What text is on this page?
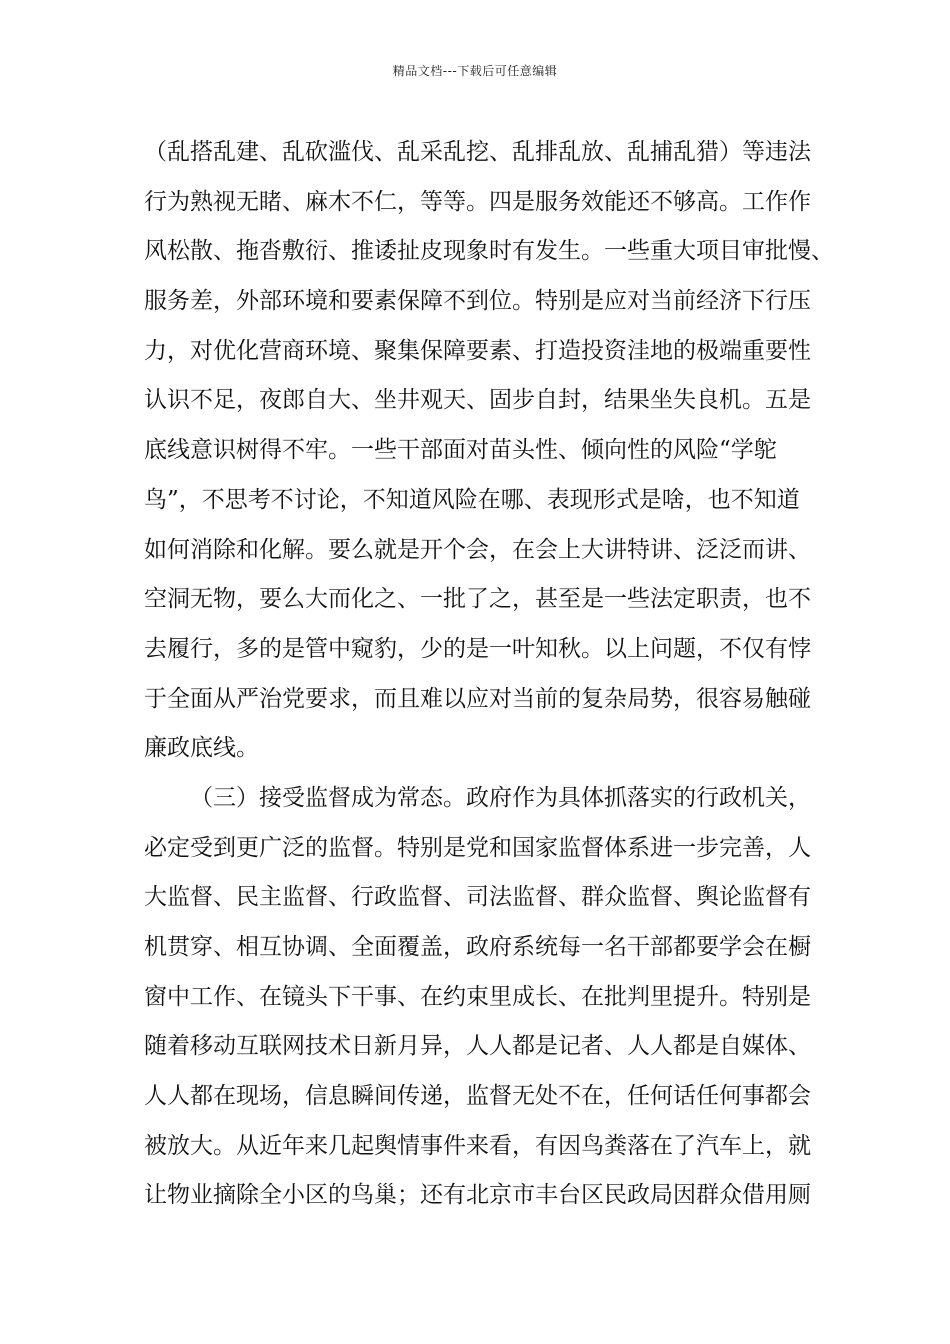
精品文档---下载后可任意编辑
（乱搭乱建、乱砍滥伐、乱采乱挖、乱排乱放、乱捕乱猎）等违法
行为熟视无睹、麻木不仁，等等。四是服务效能还不够高。工作作
风松散、拖沓敷衍、推诿扯皮现象时有发生。一些重大项目审批慢、
服务差，外部环境和要素保障不到位。特别是应对当前经济下行压
力，对优化营商环境、聚集保障要素、打造投资洼地的极端重要性
认识不足，夜郎自大、坐井观天、固步自封，结果坐失良机。五是
底线意识树得不牢。一些干部面对苗头性、倾向性的风险“学鸵
鸟”，不思考不讨论，不知道风险在哪、表现形式是啥，也不知道
如何消除和化解。要么就是开个会，在会上大讲特讲、泛泛而讲、
空洞无物，要么大而化之、一批了之，甚至是一些法定职责，也不
去履行，多的是管中窥豹，少的是一叶知秋。以上问题，不仅有悖
于全面从严治党要求，而且难以应对当前的复杂局势，很容易触碰
廉政底线。
（三）接受监督成为常态。政府作为具体抓落实的行政机关，
必定受到更广泛的监督。特别是党和国家监督体系进一步完善，人
大监督、民主监督、行政监督、司法监督、群众监督、舆论监督有
机贯穿、相互协调、全面覆盖，政府系统每一名干部都要学会在橱
窗中工作、在镜头下干事、在约束里成长、在批判里提升。特别是
随着移动互联网技术日新月异，人人都是记者、人人都是自媒体、
人人都在现场，信息瞬间传递，监督无处不在，任何话任何事都会
被放大。从近年来几起舆情事件来看，有因鸟粪落在了汽车上，就
让物业摘除全小区的鸟巢；还有北京市丰台区民政局因群众借用厕
